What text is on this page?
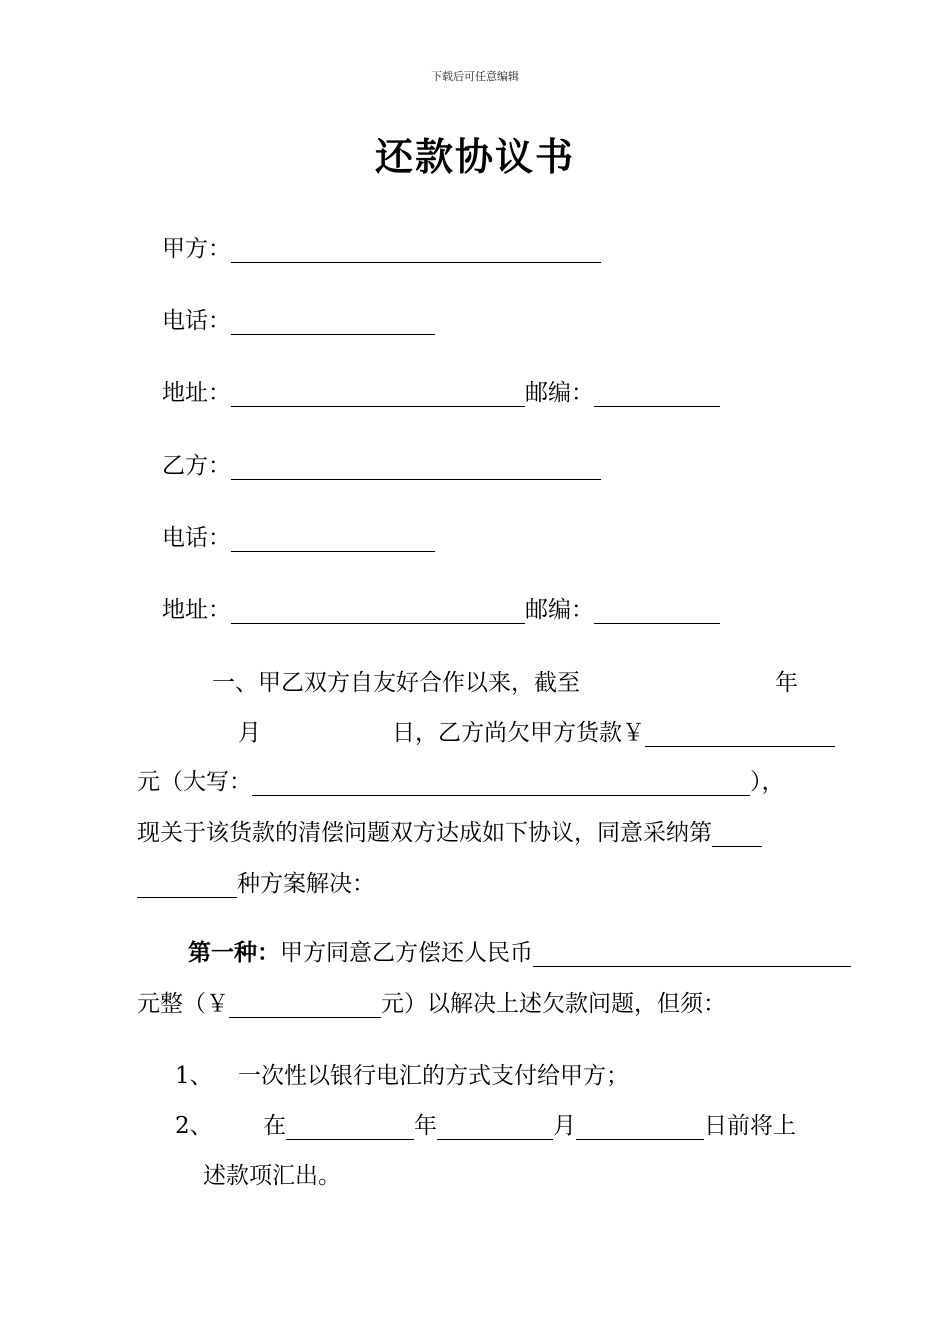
下载后可任意编辑
还款协议书
甲方：
电话：
地址：	邮编：
乙方：
电话：
地址：	邮编：
一、甲乙双方自友好合作以来，截至	年
月	日，乙方尚欠甲方货款￥
元（大写：	），
现关于该货款的清偿问题双方达成如下协议，同意采纳第
种方案解决：
第一种：甲方同意乙方偿还人民币
元整（￥	元）以解决上述欠款问题，但须：
1、 一次性以银行电汇的方式支付给甲方；
2、 在	年	月	日前将上
述款项汇出。
